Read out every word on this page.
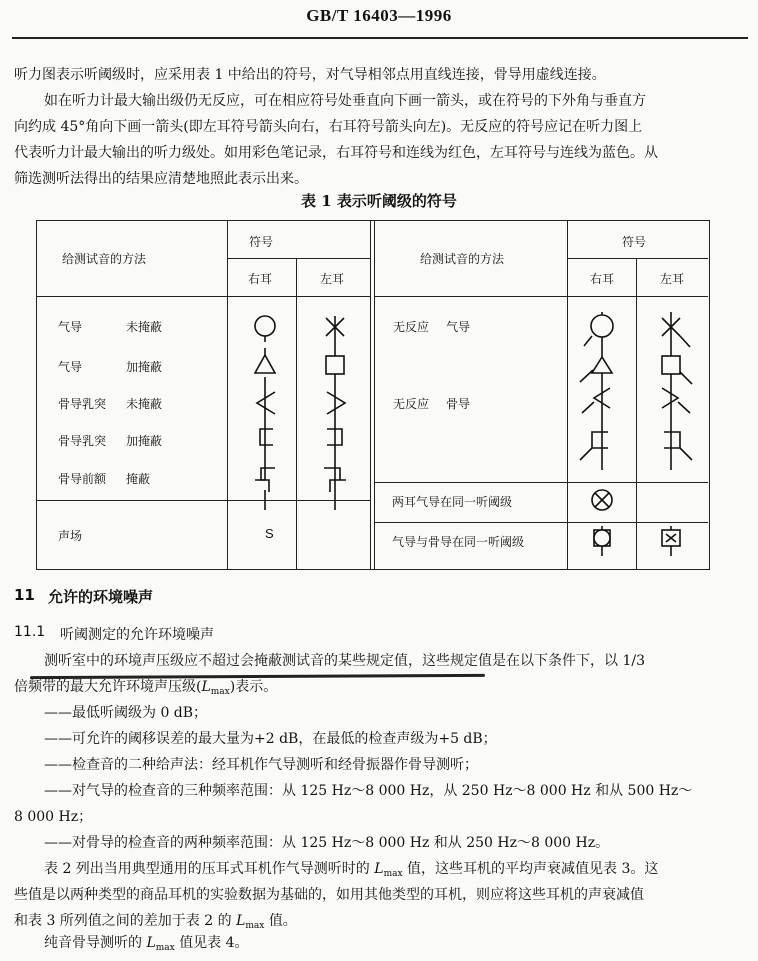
GB/T 16403—1996
听力图表示听阈级时，应采用表 1 中给出的符号，对气导相邻点用直线连接，骨导用虚线连接。
如在听力计最大输出级仍无反应，可在相应符号处垂直向下画一箭头，或在符号的下外角与垂直方
向约成 45°角向下画一箭头(即左耳符号箭头向右，右耳符号箭头向左)。无反应的符号应记在听力图上
代表听力计最大输出的听力级处。如用彩色笔记录，右耳符号和连线为红色，左耳符号与连线为蓝色。从
筛选测听法得出的结果应清楚地照此表示出来。
表 1 表示听阈级的符号
给测试音的方法
符号
右耳	左耳
给测试音的方法
符号
右耳	左耳
气导	未掩蔽
气导	加掩蔽
骨导乳突 未掩蔽
骨导乳突 加掩蔽
骨导前额 掩蔽
声场	S
无反应 气导
无反应 骨导
两耳气导在同一听阈级
气导与骨导在同一听阈级
11 允许的环境噪声
11.1 听阈测定的允许环境噪声
测听室中的环境声压级应不超过会掩蔽测试音的某些规定值，这些规定值是在以下条件下，以 1/3
倍频带的最大允许环境声压级$(L_{max})$表示。
——最低听阈级为 0 dB；
——可允许的阈移误差的最大量为+2 dB，在最低的检查声级为+5 dB；
——检查音的二种给声法：经耳机作气导测听和经骨振器作骨导测听；
——对气导的检查音的三种频率范围：从 125 Hz～8 000 Hz，从 250 Hz～8 000 Hz 和从 500 Hz～
8 000 Hz；
——对骨导的检查音的两种频率范围：从 125 Hz～8 000 Hz 和从 250 Hz～8 000 Hz。
表 2 列出当用典型通用的压耳式耳机作气导测听时的 $L_{max}$ 值，这些耳机的平均声衰减值见表 3。这
些值是以两种类型的商品耳机的实验数据为基础的，如用其他类型的耳机，则应将这些耳机的声衰减值
和表 3 所列值之间的差加于表 2 的 $L_{max}$ 值。
纯音骨导测听的 $L_{max}$ 值见表 4。
